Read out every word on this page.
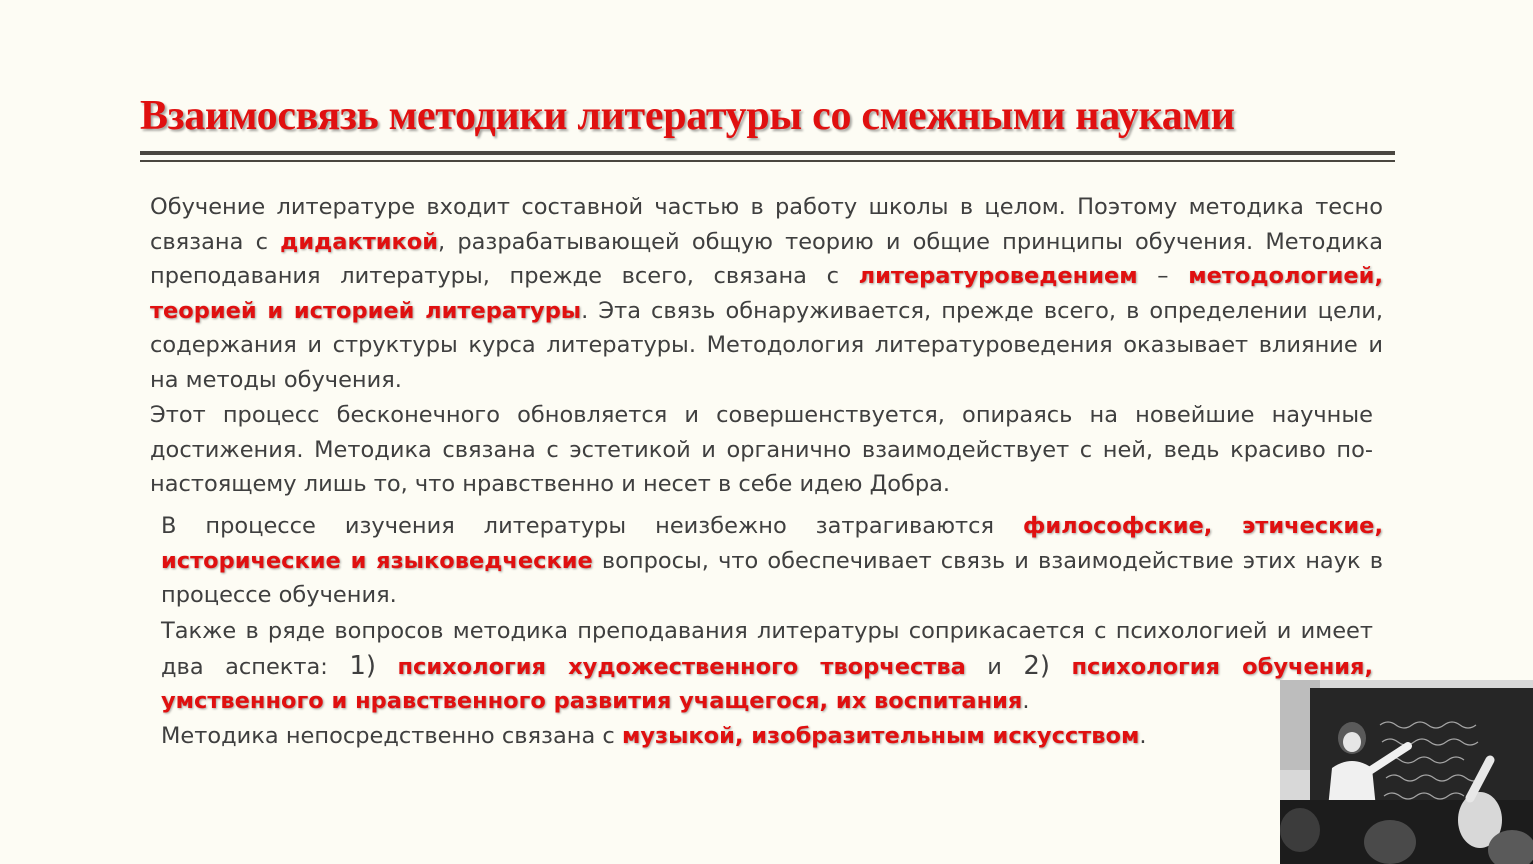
Взаимосвязь методики литературы со смежными науками

Обучение литературе входит составной частью в работу школы в целом. Поэтому методика тесно связана с дидактикой, разрабатывающей общую теорию и общие принципы обучения. Методика преподавания литературы, прежде всего, связана с литературоведением – методологией, теорией и историей литературы. Эта связь обнаруживается, прежде всего, в определении цели, содержания и структуры курса литературы. Методология литературоведения оказывает влияние и на методы обучения.

Этот процесс бесконечного обновляется и совершенствуется, опираясь на новейшие научные достижения. Методика связана с эстетикой и органично взаимодействует с ней, ведь красиво по-настоящему лишь то, что нравственно и несет в себе идею Добра.

В процессе изучения литературы неизбежно затрагиваются философские, этические, исторические и языковедческие вопросы, что обеспечивает связь и взаимодействие этих наук в процессе обучения.

Также в ряде вопросов методика преподавания литературы соприкасается с психологией и имеет два аспекта: 1) психология художественного творчества и 2) психология обучения, умственного и нравственного развития учащегося, их воспитания.

Методика непосредственно связана с музыкой, изобразительным искусством.
